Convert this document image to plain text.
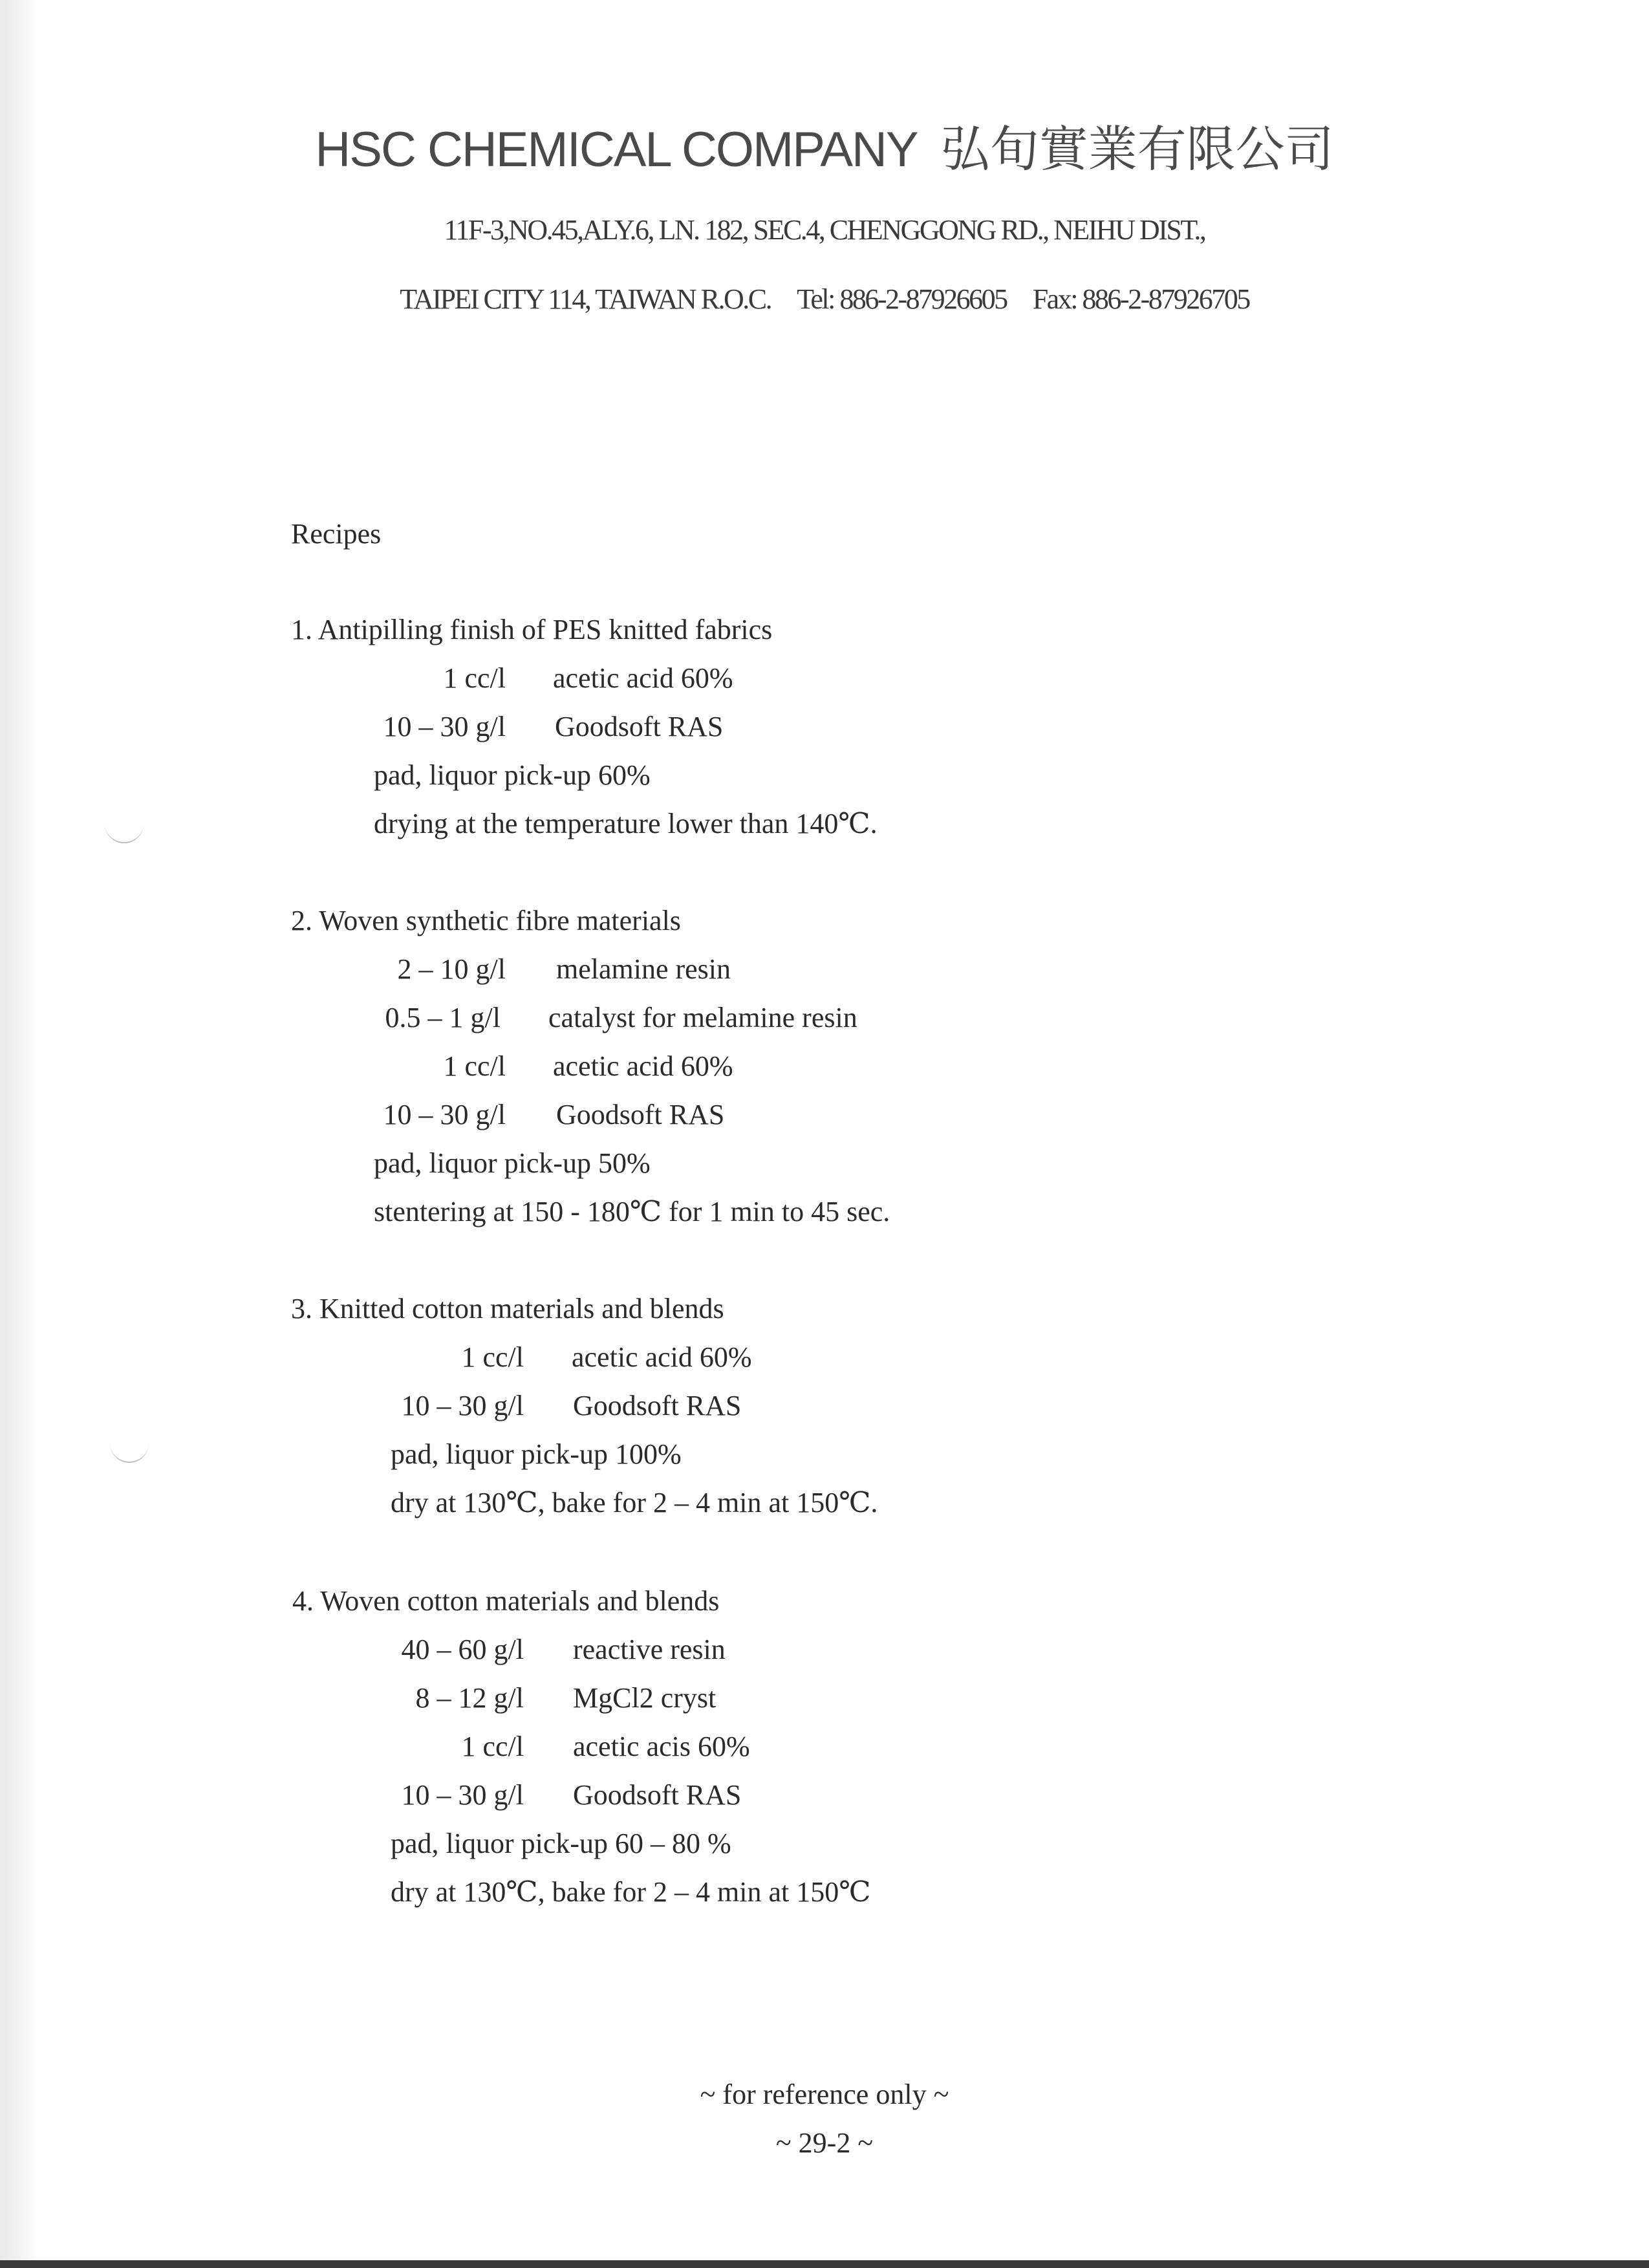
HSC CHEMICAL COMPANY 弘旬實業有限公司
11F-3,NO.45,ALY.6, LN. 182, SEC.4, CHENGGONG RD., NEIHU DIST.,
TAIPEI CITY 114, TAIWAN R.O.C. Tel: 886-2-87926605 Fax: 886-2-87926705
Recipes
1. Antipilling finish of PES knitted fabrics
1 cc/l acetic acid 60%
10 – 30 g/l Goodsoft RAS
pad, liquor pick-up 60%
drying at the temperature lower than 140℃.
2. Woven synthetic fibre materials
2 – 10 g/l melamine resin
0.5 – 1 g/l catalyst for melamine resin
1 cc/l acetic acid 60%
10 – 30 g/l Goodsoft RAS
pad, liquor pick-up 50%
stentering at 150 - 180℃ for 1 min to 45 sec.
3. Knitted cotton materials and blends
1 cc/l acetic acid 60%
10 – 30 g/l Goodsoft RAS
pad, liquor pick-up 100%
dry at 130℃, bake for 2 – 4 min at 150℃.
4. Woven cotton materials and blends
40 – 60 g/l reactive resin
8 – 12 g/l MgCl2 cryst
1 cc/l acetic acis 60%
10 – 30 g/l Goodsoft RAS
pad, liquor pick-up 60 – 80 %
dry at 130℃, bake for 2 – 4 min at 150℃
~ for reference only ~
~ 29-2 ~
